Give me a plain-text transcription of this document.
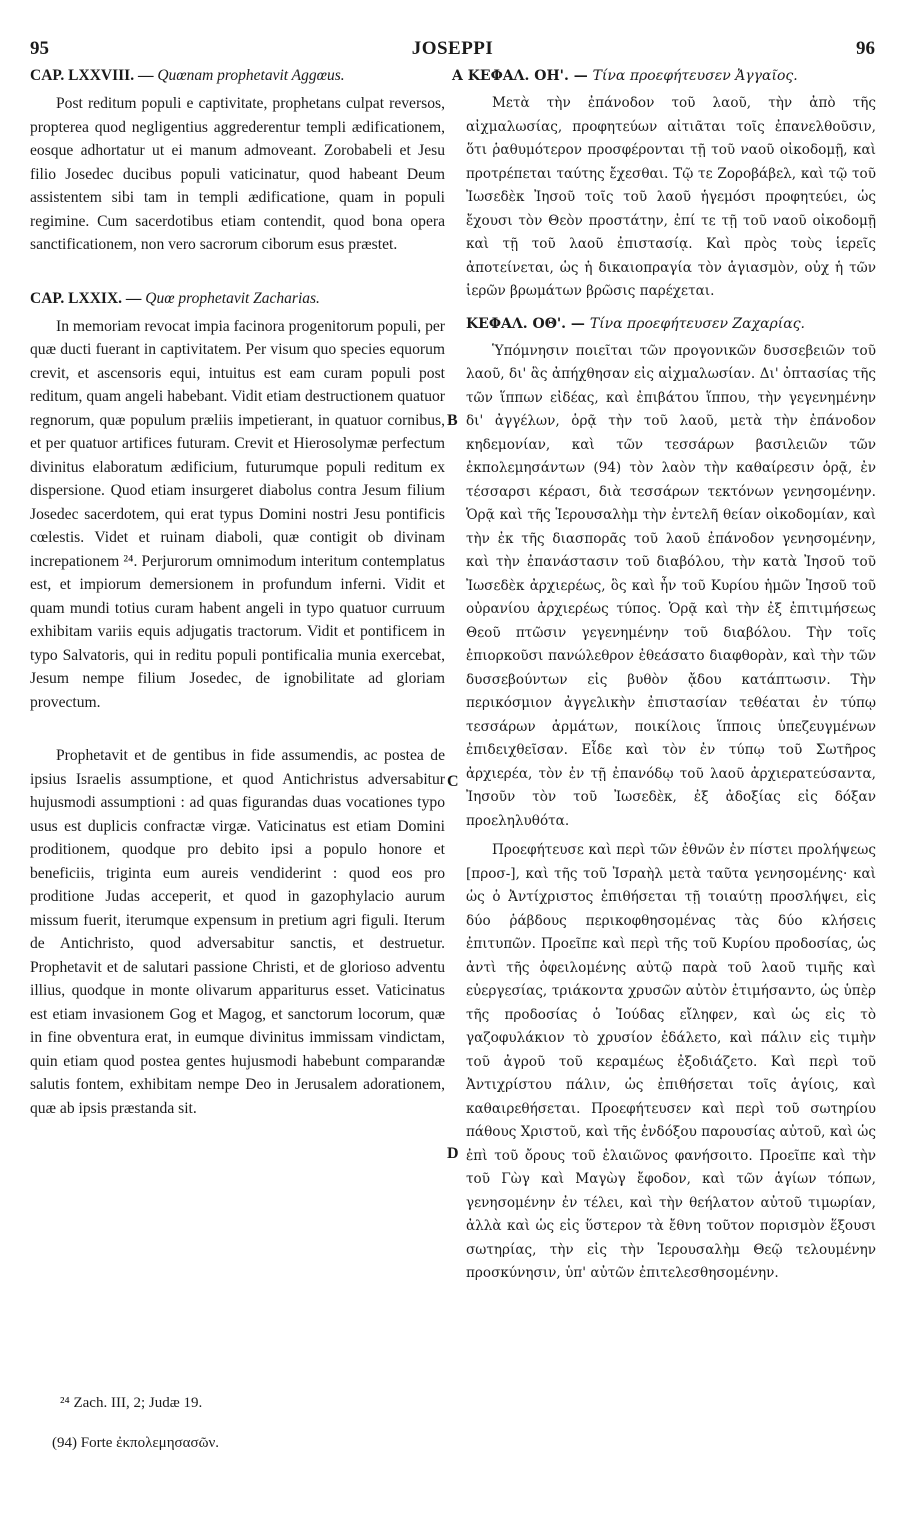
95	JOSEPPI	96

CAP. LXXVIII. — Quœnam prophetavit Aggœus.

Post reditum populi e captivitate, prophetans culpat reversos, propterea quod negligentius aggrederentur templi ædificationem, eosque adhortatur ut ei manum admoveant. Zorobabeli et Jesu filio Josedec ducibus populi vaticinatur, quod habeant Deum assistentem sibi tam in templi ædificatione, quam in populi regimine. Cum sacerdotibus etiam contendit, quod bona opera sanctificationem, non vero sacrorum ciborum esus præstet.

CAP. LXXIX. — Quœ prophetavit Zacharias.

In memoriam revocat impia facinora progenitorum populi, per quæ ducti fuerant in captivitatem. Per visum quo species equorum crevit, et ascensoris equi, intuitus est eam curam populi post reditum, quam angeli habebant. Vidit etiam destructionem quatuor regnorum, quæ populum præliis impetierant, in quatuor cornibus, et per quatuor artifices futuram. Crevit et Hierosolymæ perfectum divinitus elaboratum ædificium, futurumque populi reditum ex dispersione. Quod etiam insurgeret diabolus contra Jesum filium Josedec sacerdotem, qui erat typus Domini nostri Jesu pontificis cœlestis. Videt et ruinam diaboli, quæ contigit ob divinam increpationem ²⁴. Perjurorum omnimodum interitum contemplatus est, et impiorum demersionem in profundum inferni. Vidit et quam mundi totius curam habent angeli in typo quatuor curruum exhibitam variis equis adjugatis tractorum. Vidit et pontificem in typo Salvatoris, qui in reditu populi pontificalia munia exercebat, Jesum nempe filium Josedec, de ignobilitate ad gloriam provectum.

Prophetavit et de gentibus in fide assumendis, ac postea de ipsius Israelis assumptione, et quod Antichristus adversabitur hujusmodi assumptioni : ad quas figurandas duas vocationes typo usus est duplicis confractæ virgæ. Vaticinatus est etiam Domini proditionem, quodque pro debito ipsi a populo honore et beneficiis, triginta eum aureis vendiderint : quod eos pro proditione Judas acceperit, et quod in gazophylacio aurum missum fuerit, iterumque expensum in pretium agri figuli. Iterum de Antichristo, quod adversabitur sanctis, et destruetur. Prophetavit et de salutari passione Christi, et de glorioso adventu illius, quodque in monte olivarum appariturus esset. Vaticinatus est etiam invasionem Gog et Magog, et sanctorum locorum, quæ in fine obventura erat, in eumque divinitus immissam vindictam, quin etiam quod postea gentes hujusmodi habebunt comparandæ salutis fontem, exhibitam nempe Deo in Jerusalem adorationem, quæ ab ipsis præstanda sit.

A ΚΕΦΑΛ. ΟΗ'. — Τίνα προεφήτευσεν Ἀγγαῖος.

Μετὰ τὴν ἐπάνοδον τοῦ λαοῦ, τὴν ἀπὸ τῆς αἰχμαλωσίας, προφητεύων αἰτιᾶται τοῖς ἐπανελθοῦσιν, ὅτι ῥαθυμότερον προσφέρονται τῇ τοῦ ναοῦ οἰκοδομῇ, καὶ προτρέπεται ταύτης ἔχεσθαι. Τῷ τε Ζοροβάβελ, καὶ τῷ τοῦ Ἰωσεδὲκ Ἰησοῦ τοῖς τοῦ λαοῦ ἡγεμόσι προφητεύει, ὡς ἔχουσι τὸν Θεὸν προστάτην, ἐπί τε τῇ τοῦ ναοῦ οἰκοδομῇ καὶ τῇ τοῦ λαοῦ ἐπιστασίᾳ. Καὶ πρὸς τοὺς ἱερεῖς ἀποτείνεται, ὡς ἡ δικαιοπραγία τὸν ἁγιασμὸν, οὐχ ἡ τῶν ἱερῶν βρωμάτων βρῶσις παρέχεται.

ΚΕΦΑΛ. ΟΘ'. — Τίνα προεφήτευσεν Ζαχαρίας.

Ὑπόμνησιν ποιεῖται τῶν προγονικῶν δυσσεβειῶν τοῦ λαοῦ, δι' ἃς ἀπήχθησαν εἰς αἰχμαλωσίαν. Δι' ὀπτασίας τῆς τῶν ἵππων εἰδέας, καὶ ἐπιβάτου ἵππου, τὴν γεγενημένην δι' ἀγγέλων, ὁρᾷ τὴν τοῦ λαοῦ, μετὰ τὴν ἐπάνοδον κηδεμονίαν, καὶ τῶν τεσσάρων βασιλειῶν τῶν ἐκπολεμησάντων (94) τὸν λαὸν τὴν καθαίρεσιν ὁρᾷ, ἐν τέσσαρσι κέρασι, διὰ τεσσάρων τεκτόνων γενησομένην. Ὁρᾷ καὶ τῆς Ἱερουσαλὴμ τὴν ἐντελῆ θείαν οἰκοδομίαν, καὶ τὴν ἐκ τῆς διασπορᾶς τοῦ λαοῦ ἐπάνοδον γενησομένην, καὶ τὴν ἐπανάστασιν τοῦ διαβόλου, τὴν κατὰ Ἰησοῦ τοῦ Ἰωσεδὲκ ἀρχιερέως, ὃς καὶ ἦν τοῦ Κυρίου ἡμῶν Ἰησοῦ τοῦ οὐρανίου ἀρχιερέως τύπος. Ὁρᾷ καὶ τὴν ἐξ ἐπιτιμήσεως Θεοῦ πτῶσιν γεγενημένην τοῦ διαβόλου. Τὴν τοῖς ἐπιορκοῦσι πανώλεθρον ἐθεάσατο διαφθορὰν, καὶ τὴν τῶν δυσσεβούντων εἰς βυθὸν ᾄδου κατάπτωσιν. Τὴν περικόσμιον ἀγγελικὴν ἐπιστασίαν τεθέαται ἐν τύπῳ τεσσάρων ἁρμάτων, ποικίλοις ἵπποις ὑπεζευγμένων ἐπιδειχθεῖσαν. Εἶδε καὶ τὸν ἐν τύπῳ τοῦ Σωτῆρος ἀρχιερέα, τὸν ἐν τῇ ἐπανόδῳ τοῦ λαοῦ ἀρχιερατεύσαντα, Ἰησοῦν τὸν τοῦ Ἰωσεδὲκ, ἐξ ἀδοξίας εἰς δόξαν προεληλυθότα.

Προεφήτευσε καὶ περὶ τῶν ἐθνῶν ἐν πίστει προλήψεως [προσ-], καὶ τῆς τοῦ Ἰσραὴλ μετὰ ταῦτα γενησομένης· καὶ ὡς ὁ Ἀντίχριστος ἐπιθήσεται τῇ τοιαύτῃ προσλήψει, εἰς δύο ῥάβδους περικοφθησομένας τὰς δύο κλήσεις ἐπιτυπῶν. Προεῖπε καὶ περὶ τῆς τοῦ Κυρίου προδοσίας, ὡς ἀντὶ τῆς ὀφειλομένης αὐτῷ παρὰ τοῦ λαοῦ τιμῆς καὶ εὐεργεσίας, τριάκοντα χρυσῶν αὐτὸν ἐτιμήσαντο, ὡς ὑπὲρ τῆς προδοσίας ὁ Ἰούδας εἴληφεν, καὶ ὡς εἰς τὸ γαζοφυλάκιον τὸ χρυσίον ἐδάλετο, καὶ πάλιν εἰς τιμὴν τοῦ ἀγροῦ τοῦ κεραμέως ἐξοδιάζετο. Καὶ περὶ τοῦ Ἀντιχρίστου πάλιν, ὡς ἐπιθήσεται τοῖς ἁγίοις, καὶ καθαιρεθήσεται. Προεφήτευσεν καὶ περὶ τοῦ σωτηρίου πάθους Χριστοῦ, καὶ τῆς ἐνδόξου παρουσίας αὐτοῦ, καὶ ὡς ἐπὶ τοῦ ὄρους τοῦ ἐλαιῶνος φανήσοιτο. Προεῖπε καὶ τὴν τοῦ Γὼγ καὶ Μαγὼγ ἔφοδον, καὶ τῶν ἁγίων τόπων, γενησομένην ἐν τέλει, καὶ τὴν θεήλατον αὐτοῦ τιμωρίαν, ἀλλὰ καὶ ὡς εἰς ὕστερον τὰ ἔθνη τοῦτον πορισμὸν ἕξουσι σωτηρίας, τὴν εἰς τὴν Ἱερουσαλὴμ Θεῷ τελουμένην προσκύνησιν, ὑπ' αὐτῶν ἐπιτελεσθησομένην.

B
C
D
²⁴ Zach. III, 2; Judæ 19.
(94) Forte ἐκπολεμησασῶν.
